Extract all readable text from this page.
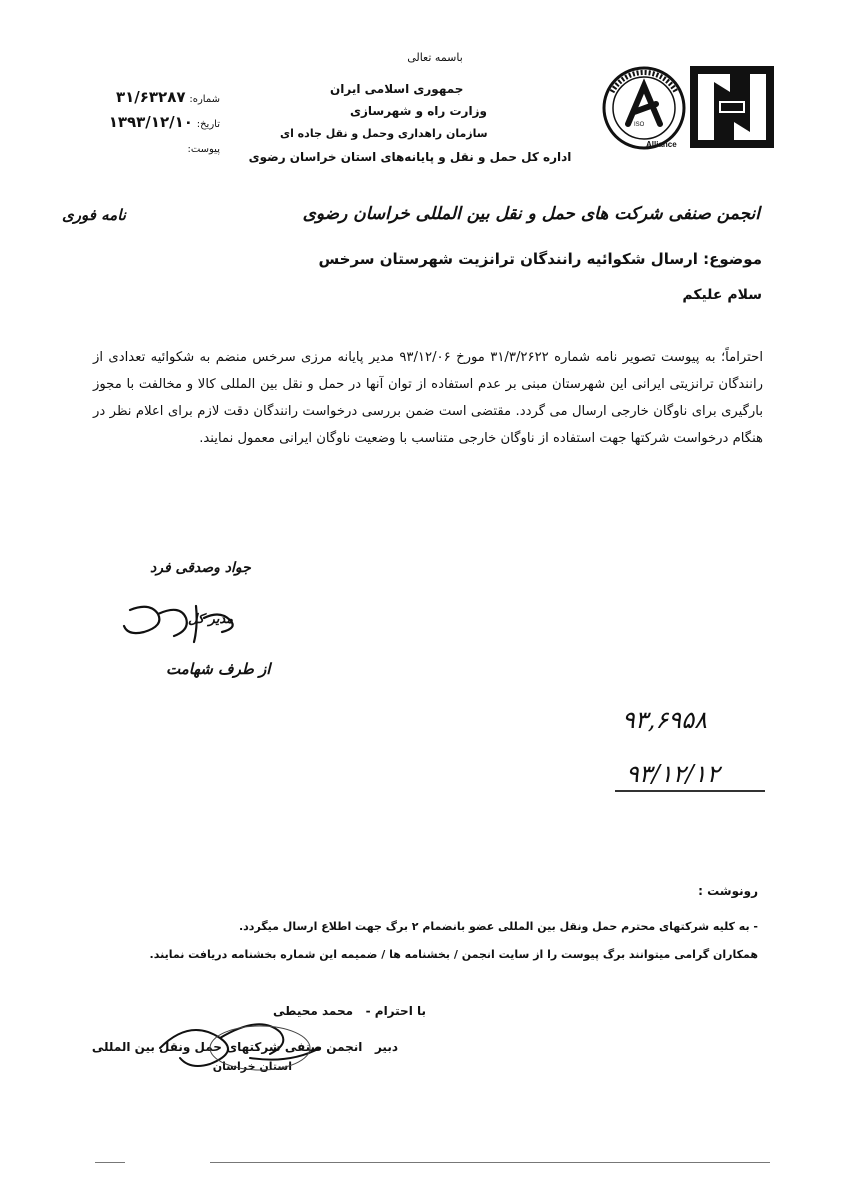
Alliance
ISO
باسمه تعالی
جمهوری اسلامی ایران
وزارت راه و شهرسازی
سازمان راهداری وحمل و نقل جاده ای
اداره کل حمل و نقل و پایانه‌های استان خراسان رضوی
شماره: ۳۱/۶۳۲۸۷
تاریخ: ۱۳۹۳/۱۲/۱۰
پیوست:
انجمن صنفی شرکت های حمل و نقل بین المللی خراسان رضوی
نامه فوری
موضوع: ارسال شکوائیه رانندگان ترانزیت شهرستان سرخس
سلام علیکم

احتراماً؛ به پیوست تصویر نامه شماره ۳۱/۳/۲۶۲۲ مورخ ۹۳/۱۲/۰۶ مدیر پایانه مرزی سرخس منضم به شکوائیه تعدادی از رانندگان ترانزیتی ایرانی این شهرستان مبنی بر عدم استفاده از توان آنها در حمل و نقل بین المللی کالا و مخالفت با مجوز بارگیری برای ناوگان خارجی ارسال می گردد. مقتضی است ضمن بررسی درخواست رانندگان دقت لازم برای اعلام نظر در هنگام درخواست شرکتها جهت استفاده از ناوگان خارجی متناسب با وضعیت ناوگان ایرانی معمول نمایند.

جواد وصدقی فرد
مدیر کل
از طرف شهامت
۹۳,۶۹۵۸
۹۳/۱۲/۱۲
رونوشت :
- به کلیه شرکتهای محترم حمل ونقل بین المللی عضو بانضمام ۲ برگ جهت اطلاع ارسال میگردد.
همکاران گرامی میتوانند برگ پیوست را از سایت انجمن / بخشنامه ها / ضمیمه این شماره بخشنامه دریافت نمایند.
با احترام -   محمد محیطی
دبیر   انجمن صنفی شرکتهای حمل ونقل بین المللی
استان خراسان
